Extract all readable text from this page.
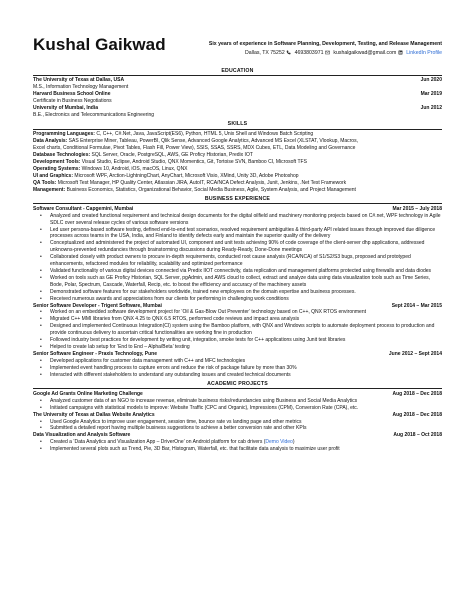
Kushal Gaikwad	Six years of experience in Software Planning, Development, Testing, and Release Management
Dallas, TX 75252 4693803971 kushalgaikwad@gmail.com LinkedIn Profile
EDUCATION
The University of Texas at Dallas, USA	Jun 2020
M.S., Information Technology Management
Harvard Business School Online	Mar 2019
Certificate in Business Negotiations
University of Mumbai, India	Jun 2012
B.E., Electronics and Telecommunications Engineering
SKILLS
Programming Languages: C, C++, C#.Net, Java, JavaScript(ES6), Python, HTML 5, Unix Shell and Windows Batch Scripting
Data Analysis: SAS Enterprise Miner, Tableau, PowerBI, Qlik Sense, Advanced Google Analytics, Advanced MS Excel (XLSTAT, Vlookup, Macros,
Excel charts, Conditional Formulae, Pivot Tables, Flash Fill, Power View), SSIS, SSAS, SSRS, MDX Cubes, ETL, Data Modeling and Governance
Database Technologies: SQL Server, Oracle, PostgreSQL, AWS, GE Proficy Historian, Predix IOT
Development Tools: Visual Studio, Eclipse, Android Studio, QNX Momentics, Git, Tortoise SVN, Bamboo CI, Microsoft TFS
Operating Systems: Windows 10, Android, iOS, macOS, Linux, QNX
UI and Graphics: Microsoft WPF, Arction-LightningChart, AnyChart, Microsoft Visio, XMind, Unity 3D, Adobe Photoshop
QA Tools: Microsoft Test Manager, HP Quality Center, Atlassian JIRA, AutoIT, RCA/NCA Defect Analysis, Junit, Jenkins, .Net Test Framework
Management: Business Economics, Statistics, Organizational Behavior, Social Media Business, Agile, System Analysis, and Project Management
BUSINESS EXPERIENCE
Software Consultant - Capgemini, Mumbai	Mar 2015 – July 2018
• Analyzed and created functional requirement and technical design documents for the digital oilfield and machinery monitoring projects based on C#.net, WPF technology in Agile SDLC over several release cycles of various software versions
• Led user persona-based software testing, defined end-to-end test scenarios, resolved requirement ambiguities & third-party API related issues through improved due diligence processes across teams in the USA, India, and Finland to identify defects early and maintain the superior quality of the delivery
• Conceptualized and administered the project of automated UI, component and unit tests achieving 90% of code coverage of the client-server dhp applications, addressed unknowns-prevented redundancies through brainstorming discussions during Ready-Ready, Done-Done meetings
• Collaborated closely with product owners to procure in-depth requirements, conducted root cause analysis (RCA/NCA) of S1/S2/S3 bugs, proposed and prototyped enhancements, refactored modules for reliability, scalability and optimized performance
• Validated functionality of various digital devices connected via Predix IIOT connectivity, data replication and management platforms protected using firewalls and data diodes
• Worked on tools such as GE Proficy Historian, SQL Server, pgAdmin, and AWS cloud to collect, extract and analyze data using data visualization tools such as Time Series, Bode, Polar, Spectrum, Cascade, Waterfall, Recip, etc. to boost the efficiency and accuracy of the machinery assets
• Demonstrated software features for our stakeholders worldwide, trained new employees on the domain expertise and business processes.
• Received numerous awards and appreciations from our clients for performing in challenging work conditions
Senior Software Developer - Trigent Software, Mumbai	Sept 2014 – Mar 2015
• Worked on an embedded software development project for ‘Oil & Gas-Blow Out Preventer’ technology based on C++, QNX RTOS environment
• Migrated C++ MMI libraries from QNX 4.25 to QNX 6.5 RTOS, performed code reviews and impact area analysis
• Designed and implemented Continuous Integration(CI) system using the Bamboo platform, with QNX and Windows scripts to automate deployment process to production and provide continuous delivery to ascertain critical functionalities are working fine in production
• Followed industry best practices for development by writing unit, integration, smoke tests for C++ applications using Junit test libraries
• Helped to create lab setup for ‘End to End – Alpha/Beta’ testing
Senior Software Engineer - Praxis Technology, Pune	June 2012 – Sept 2014
• Developed applications for customer data management with C++ and MFC technologies
• Implemented event handling process to capture errors and reduce the risk of package failure by more than 30%
• Interacted with different stakeholders to understand any outstanding issues and created technical documents
ACADEMIC PROJECTS
Google Ad Grants Online Marketing Challenge	Aug 2018 – Dec 2018
• Analyzed customer data of an NGO to increase revenue, eliminate business risks/redundancies using Business and Social Media Analytics
• Initiated campaigns with statistical models to improve: Website Traffic (CPC and Organic), Impressions (CPM), Conversion Rate (CPA), etc.
The University of Texas at Dallas Website Analytics	Aug 2018 – Dec 2018
• Used Google Analytics to improve user engagement, session time, bounce rate vs landing page and other metrics
• Submitted a detailed report having multiple business suggestions to achieve a better conversion rate and other KPIs
Data Visualization and Analysis Software	Aug 2018 – Oct 2018
• Created a ‘Data Analytics and Visualization App – DriverOne’ on Android platform for cab drivers (Demo Video)
• Implemented several plots such as Trend, Pie, 3D Bar, Histogram, Waterfall, etc. that facilitate data analysis to maximize user profit
